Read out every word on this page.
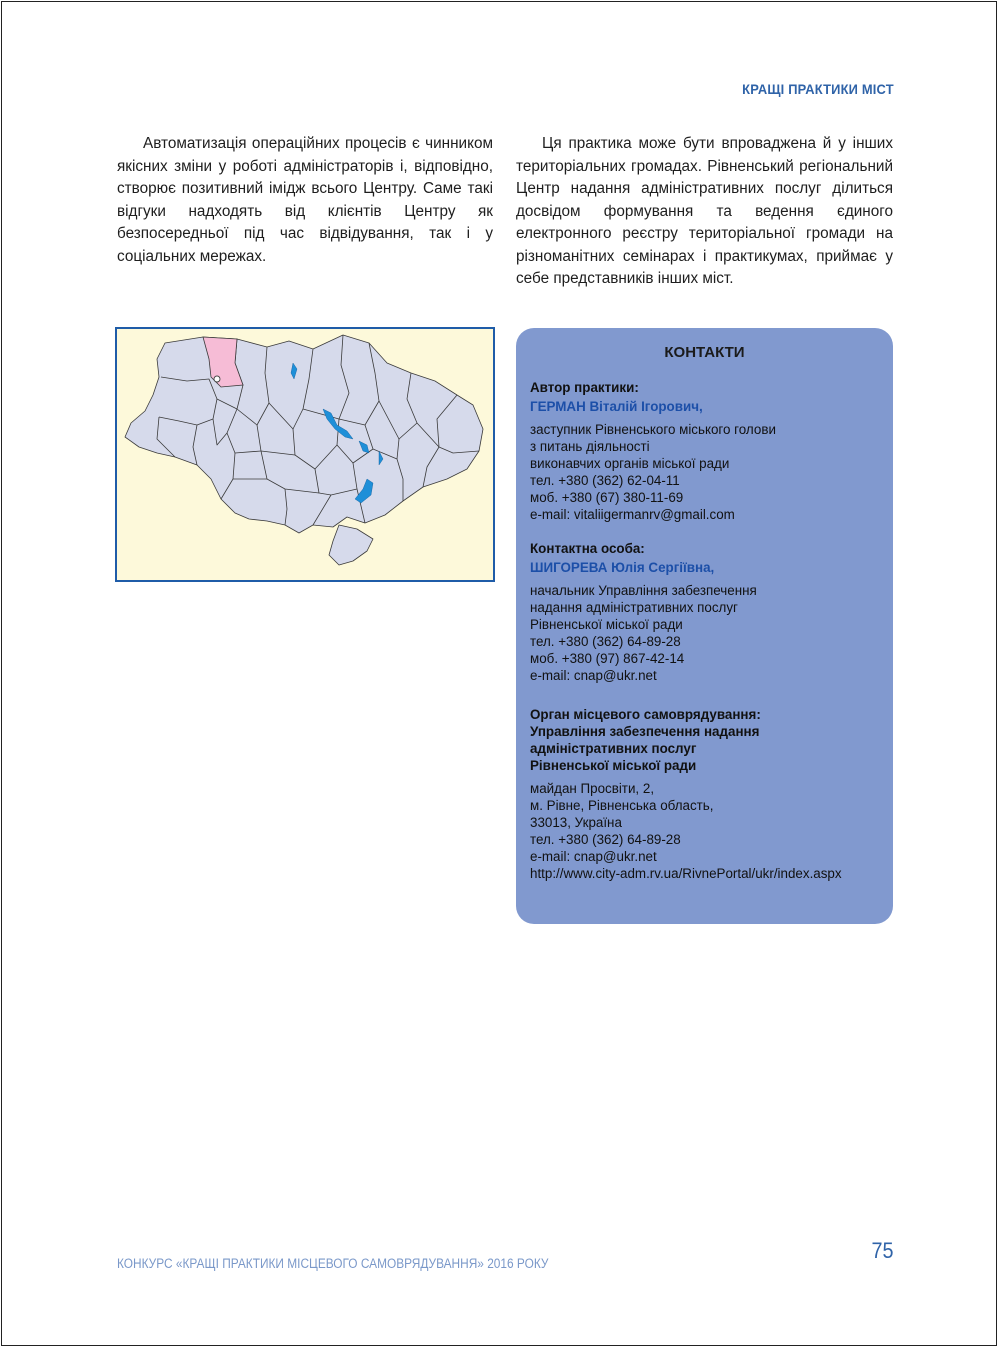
КРАЩІ ПРАКТИКИ МІСТ

Автоматизація операційних процесів є чинником якісних зміни у роботі адміністраторів і, відповідно, створює позитивний імідж всього Центру. Саме такі відгуки надходять від клієнтів Центру як безпосередньої під час відвідування, так і у соціальних мережах.

Ця практика може бути впроваджена й у інших територіальних громадах. Рівненський регіональний Центр надання адміністративних послуг ділиться досвідом формування та ведення єдиного електронного реєстру територіальної громади на різноманітних семінарах і практикумах, приймає у себе представників інших міст.

КОНТАКТИ
Автор практики:
ГЕРМАН Віталій Ігорович,
заступник Рівненського міського голови
з питань діяльності
виконавчих органів міської ради
тел. +380 (362) 62-04-11
моб. +380 (67) 380-11-69
e-mail: vitaliigermanrv@gmail.com
Контактна особа:
ШИГОРЕВА Юлія Сергіївна,
начальник Управління забезпечення
надання адміністративних послуг
Рівненської міської ради
тел. +380 (362) 64-89-28
моб. +380 (97) 867-42-14
e-mail: cnap@ukr.net
Орган місцевого самоврядування:
Управління забезпечення надання
адміністративних послуг
Рівненської міської ради
майдан Просвіти, 2,
м. Рівне, Рівненська область,
33013, Україна
тел. +380 (362) 64-89-28
e-mail: cnap@ukr.net
http://www.city-adm.rv.ua/RivnePortal/ukr/index.aspx
КОНКУРС «КРАЩІ ПРАКТИКИ МІСЦЕВОГО САМОВРЯДУВАННЯ» 2016 РОКУ
75
